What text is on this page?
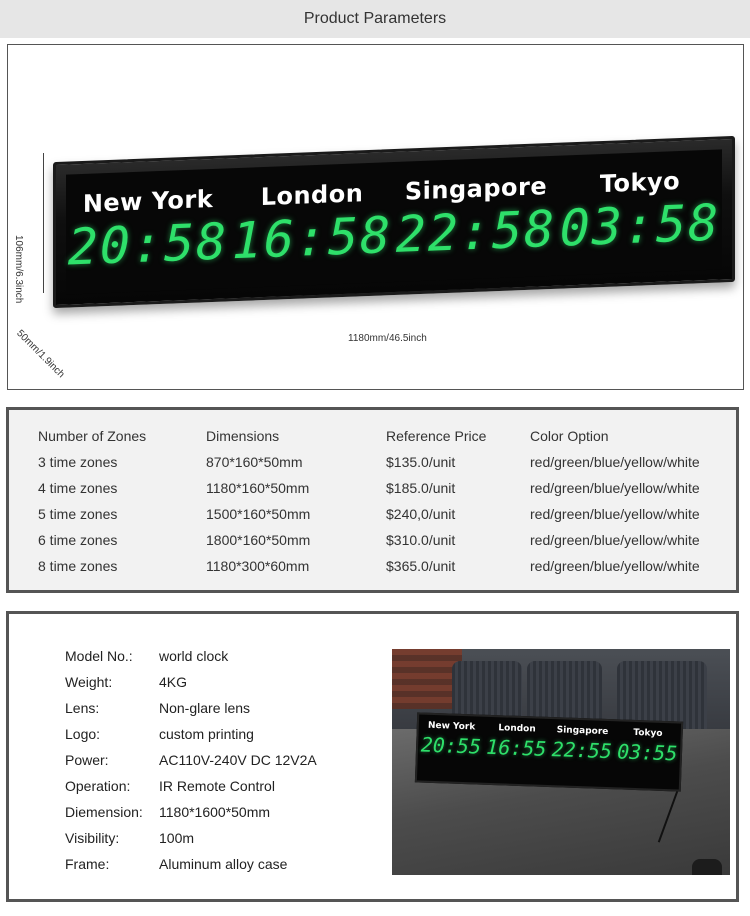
Product Parameters
106mm/6.3inch
1180mm/46.5inch
50mm/1.9inch
New York
20:58
London
16:58
Singapore
22:58
Tokyo
03:58
Number of Zones	Dimensions	Reference Price	Color Option
3 time zones	870*160*50mm	$135.0/unit	red/green/blue/yellow/white
4 time zones	1180*160*50mm	$185.0/unit	red/green/blue/yellow/white
5 time zones	1500*160*50mm	$240,0/unit	red/green/blue/yellow/white
6 time zones	1800*160*50mm	$310.0/unit	red/green/blue/yellow/white
8 time zones	1180*300*60mm	$365.0/unit	red/green/blue/yellow/white
Model No.: world clock
Weight:	4KG
Lens:	Non-glare lens
Logo:	custom printing
Power:	AC110V-240V DC 12V2A
Operation: IR Remote Control
Diemension: 1180*1600*50mm
Visibility:	100m
Frame:	Aluminum alloy case
New York
20:55
London
16:55
Singapore
22:55
Tokyo
03:55
